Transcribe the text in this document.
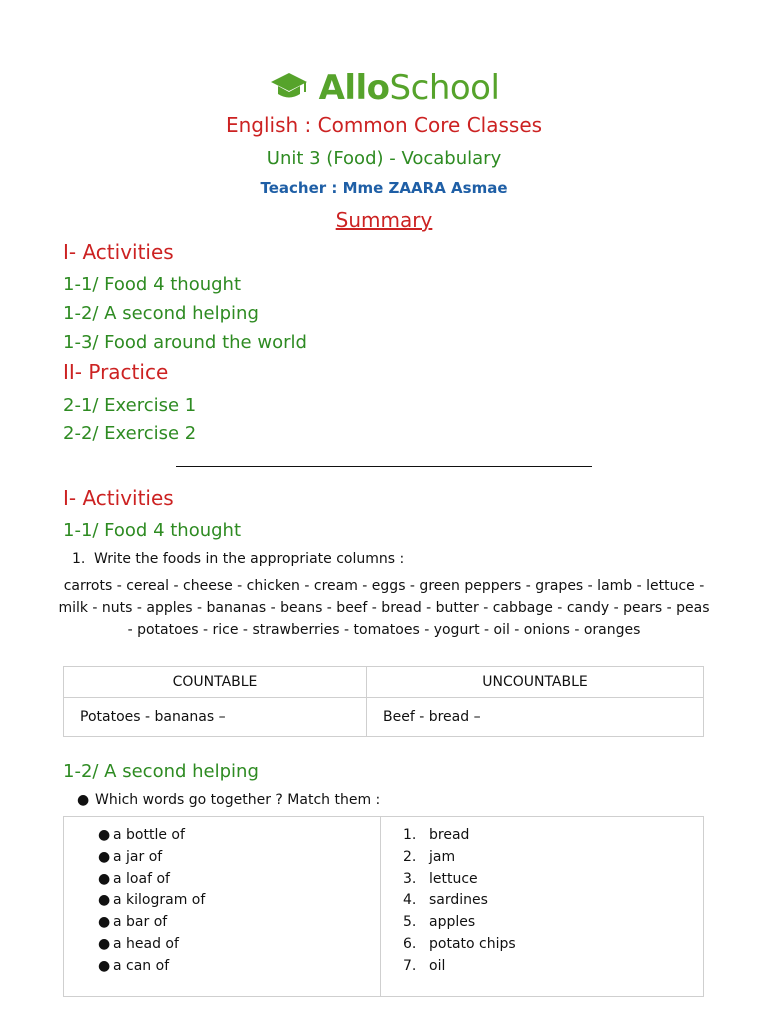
AlloSchool
English : Common Core Classes
Unit 3 (Food) - Vocabulary
Teacher : Mme ZAARA Asmae
Summary
I- Activities
1-1/ Food 4 thought
1-2/ A second helping
1-3/ Food around the world
II- Practice
2-1/ Exercise 1
2-2/ Exercise 2
I- Activities
1-1/ Food 4 thought
1. Write the foods in the appropriate columns :
carrots - cereal - cheese - chicken - cream - eggs - green peppers - grapes - lamb - lettuce - milk - nuts - apples - bananas - beans - beef - bread - butter - cabbage - candy - pears - peas - potatoes - rice - strawberries - tomatoes - yogurt - oil - onions - oranges
COUNTABLE	UNCOUNTABLE
Potatoes - bananas –	Beef - bread –
1-2/ A second helping
● Which words go together ? Match them :
● a bottle of
● a jar of
● a loaf of
● a kilogram of
● a bar of
● a head of
● a can of

1. bread
2. jam
3. lettuce
4. sardines
5. apples
6. potato chips
7. oil
